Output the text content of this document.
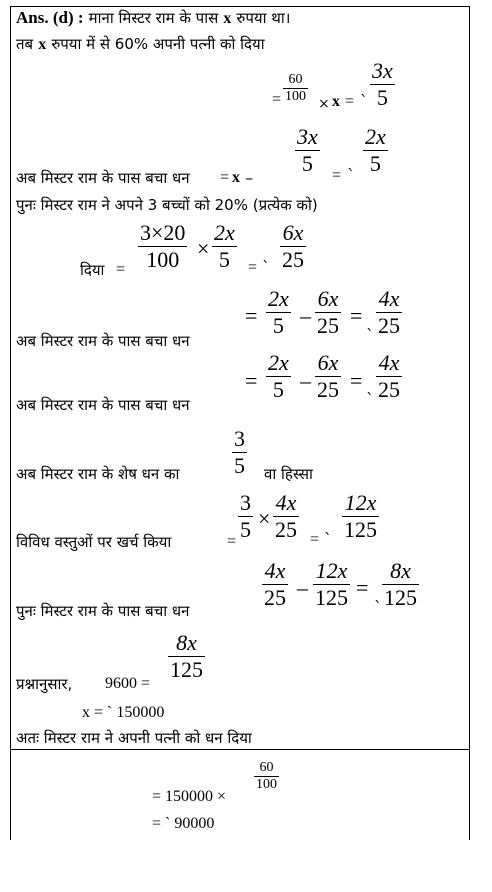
Ans. (d) : माना मिस्टर राम के पास x रुपया था।
तब x रुपया में से 60% अपनी पत्नी को दिया
=
60
100 × x = `
3x
5
अब मिस्टर राम के पास बचा धन = x –
3x
5 = `
2x
5
पुनः मिस्टर राम ने अपने 3 बच्चों को 20% (प्रत्येक को)
दिया =
3×20
100 ×
2x
5 = `
6x
25
अब मिस्टर राम के पास बचा धन
=
2x
5 –
6x
25 =
`
4x
25
अब मिस्टर राम के पास बचा धन
=
2x
5 –
6x
25 =
`
4x
25
अब मिस्टर राम के शेष धन का
3
5 वा हिस्सा
विविध वस्तुओं पर खर्च किया	=
3
5 ×
4x
25 = `
12x
125
पुनः मिस्टर राम के पास बचा धन
4x
25 –
12x
125 =
`
8x
125
प्रश्नानुसार, 9600 =
8x
125
x = ` 150000
अतः मिस्टर राम ने अपनी पत्नी को धन दिया
= 150000 ×
60
100
= ` 90000
